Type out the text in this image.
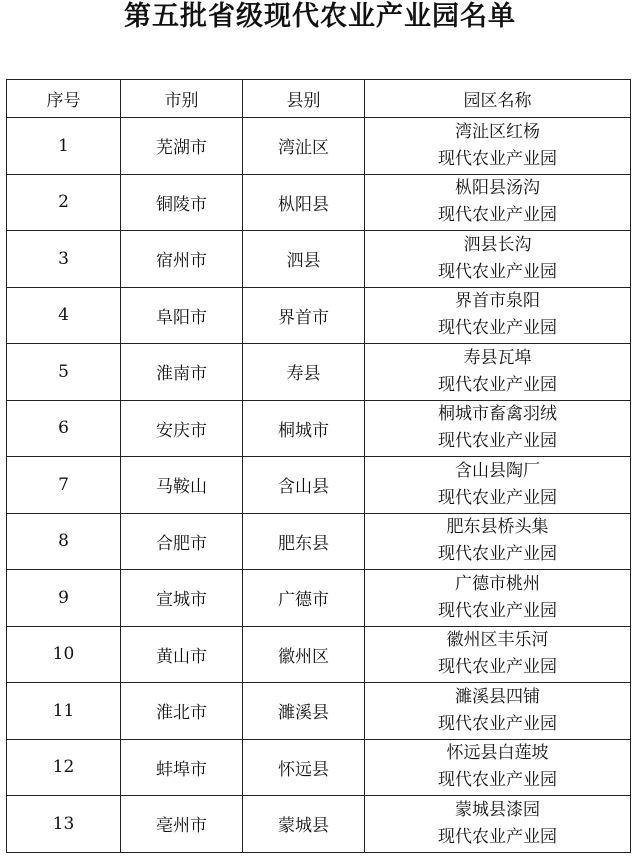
第五批省级现代农业产业园名单
序号	市别	县别	园区名称
1	芜湖市	湾沚区	湾沚区红杨
现代农业产业园

2	铜陵市	枞阳县	枞阳县汤沟
现代农业产业园

3	宿州市	泗县	泗县长沟
现代农业产业园

4	阜阳市	界首市	界首市泉阳
现代农业产业园

5	淮南市	寿县	寿县瓦埠
现代农业产业园

6	安庆市	桐城市	桐城市畜禽羽绒
现代农业产业园

7	马鞍山	含山县	含山县陶厂
现代农业产业园

8	合肥市	肥东县	肥东县桥头集
现代农业产业园

9	宣城市	广德市	广德市桃州
现代农业产业园

10	黄山市	徽州区	徽州区丰乐河
现代农业产业园

11	淮北市	濉溪县	濉溪县四铺
现代农业产业园

12	蚌埠市	怀远县	怀远县白莲坡
现代农业产业园

13	亳州市	蒙城县	蒙城县漆园
现代农业产业园
